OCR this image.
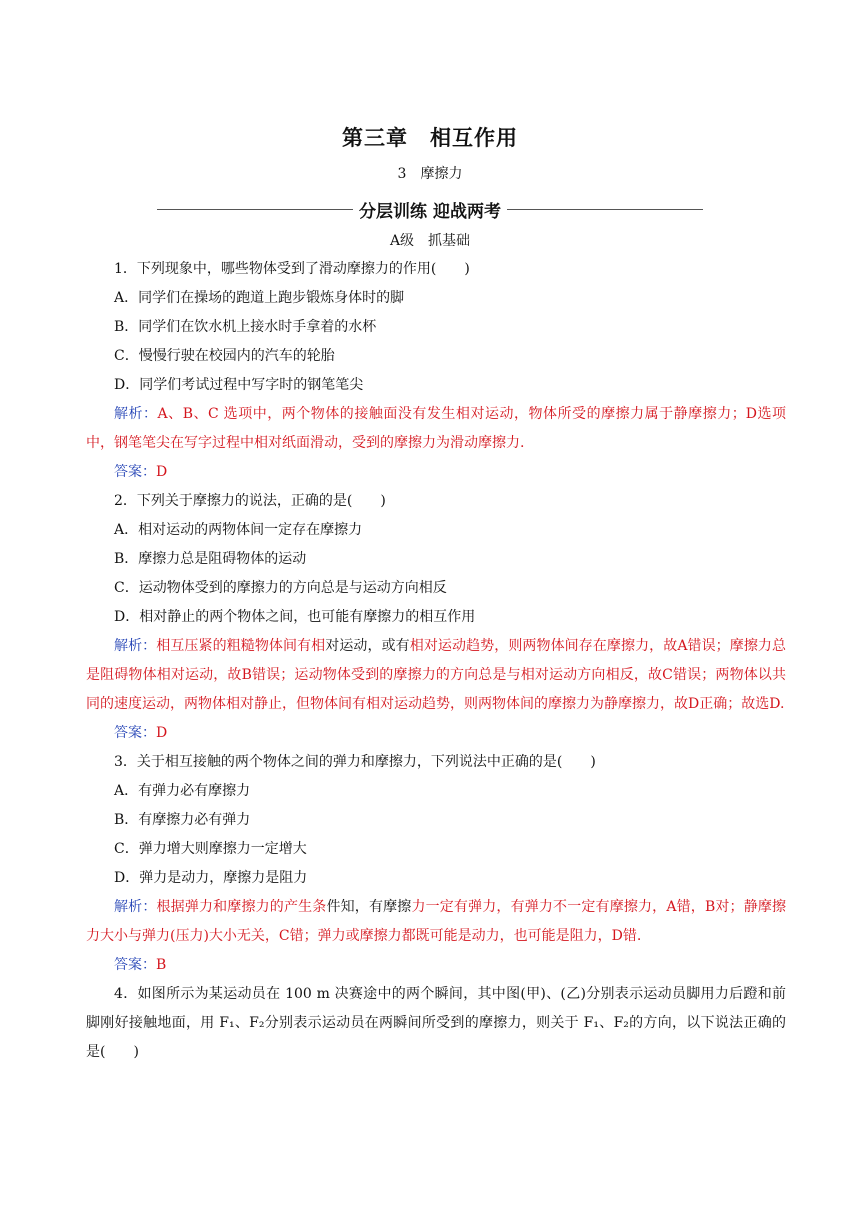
第三章　相互作用
3　摩擦力
分层训练 迎战两考
A级　抓基础

1．下列现象中，哪些物体受到了滑动摩擦力的作用(　　)

A．同学们在操场的跑道上跑步锻炼身体时的脚

B．同学们在饮水机上接水时手拿着的水杯

C．慢慢行驶在校园内的汽车的轮胎

D．同学们考试过程中写字时的钢笔笔尖

解析：A、B、C 选项中，两个物体的接触面没有发生相对运动，物体所受的摩擦力属于静摩擦力；D选项中，钢笔笔尖在写字过程中相对纸面滑动，受到的摩擦力为滑动摩擦力.

答案：D

2．下列关于摩擦力的说法，正确的是(　　)

A．相对运动的两物体间一定存在摩擦力

B．摩擦力总是阻碍物体的运动

C．运动物体受到的摩擦力的方向总是与运动方向相反

D．相对静止的两个物体之间，也可能有摩擦力的相互作用

解析：相互压紧的粗糙物体间有相对运动，或有相对运动趋势，则两物体间存在摩擦力，故A错误；摩擦力总是阻碍物体相对运动，故B错误；运动物体受到的摩擦力的方向总是与相对运动方向相反，故C错误；两物体以共同的速度运动，两物体相对静止，但物体间有相对运动趋势，则两物体间的摩擦力为静摩擦力，故D正确；故选D.

答案：D

3．关于相互接触的两个物体之间的弹力和摩擦力，下列说法中正确的是(　　)

A．有弹力必有摩擦力

B．有摩擦力必有弹力

C．弹力增大则摩擦力一定增大

D．弹力是动力，摩擦力是阻力

解析：根据弹力和摩擦力的产生条件知，有摩擦力一定有弹力，有弹力不一定有摩擦力，A错，B对；静摩擦力大小与弹力(压力)大小无关，C错；弹力或摩擦力都既可能是动力，也可能是阻力，D错.

答案：B

4．如图所示为某运动员在 100 m 决赛途中的两个瞬间，其中图(甲)、(乙)分别表示运动员脚用力后蹬和前脚刚好接触地面，用 F₁、F₂分别表示运动员在两瞬间所受到的摩擦力，则关于 F₁、F₂的方向，以下说法正确的是(　　)
